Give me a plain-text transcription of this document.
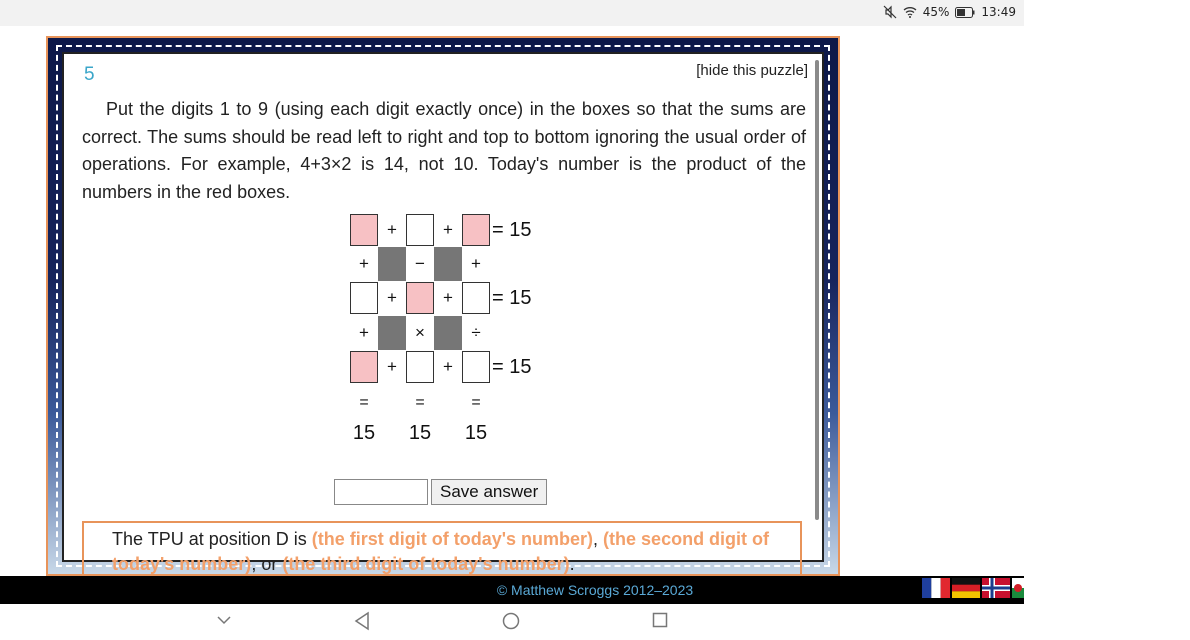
45%	13:49
5	[hide this puzzle]

Put the digits 1 to 9 (using each digit exactly once) in the boxes so that the sums are correct. The sums should be read left to right and top to bottom ignoring the usual order of operations. For example, 4+3×2 is 14, not 10. Today's number is the product of the numbers in the red boxes.

+	+	= 15
+	−	+
+	+	= 15
+	×	÷
+	+	= 15
=	=	=
15	15	15
Save answer
The TPU at position D is (the first digit of today's number), (the second digit of today's number), or (the third digit of today's number).
© Matthew Scroggs 2012–2023
